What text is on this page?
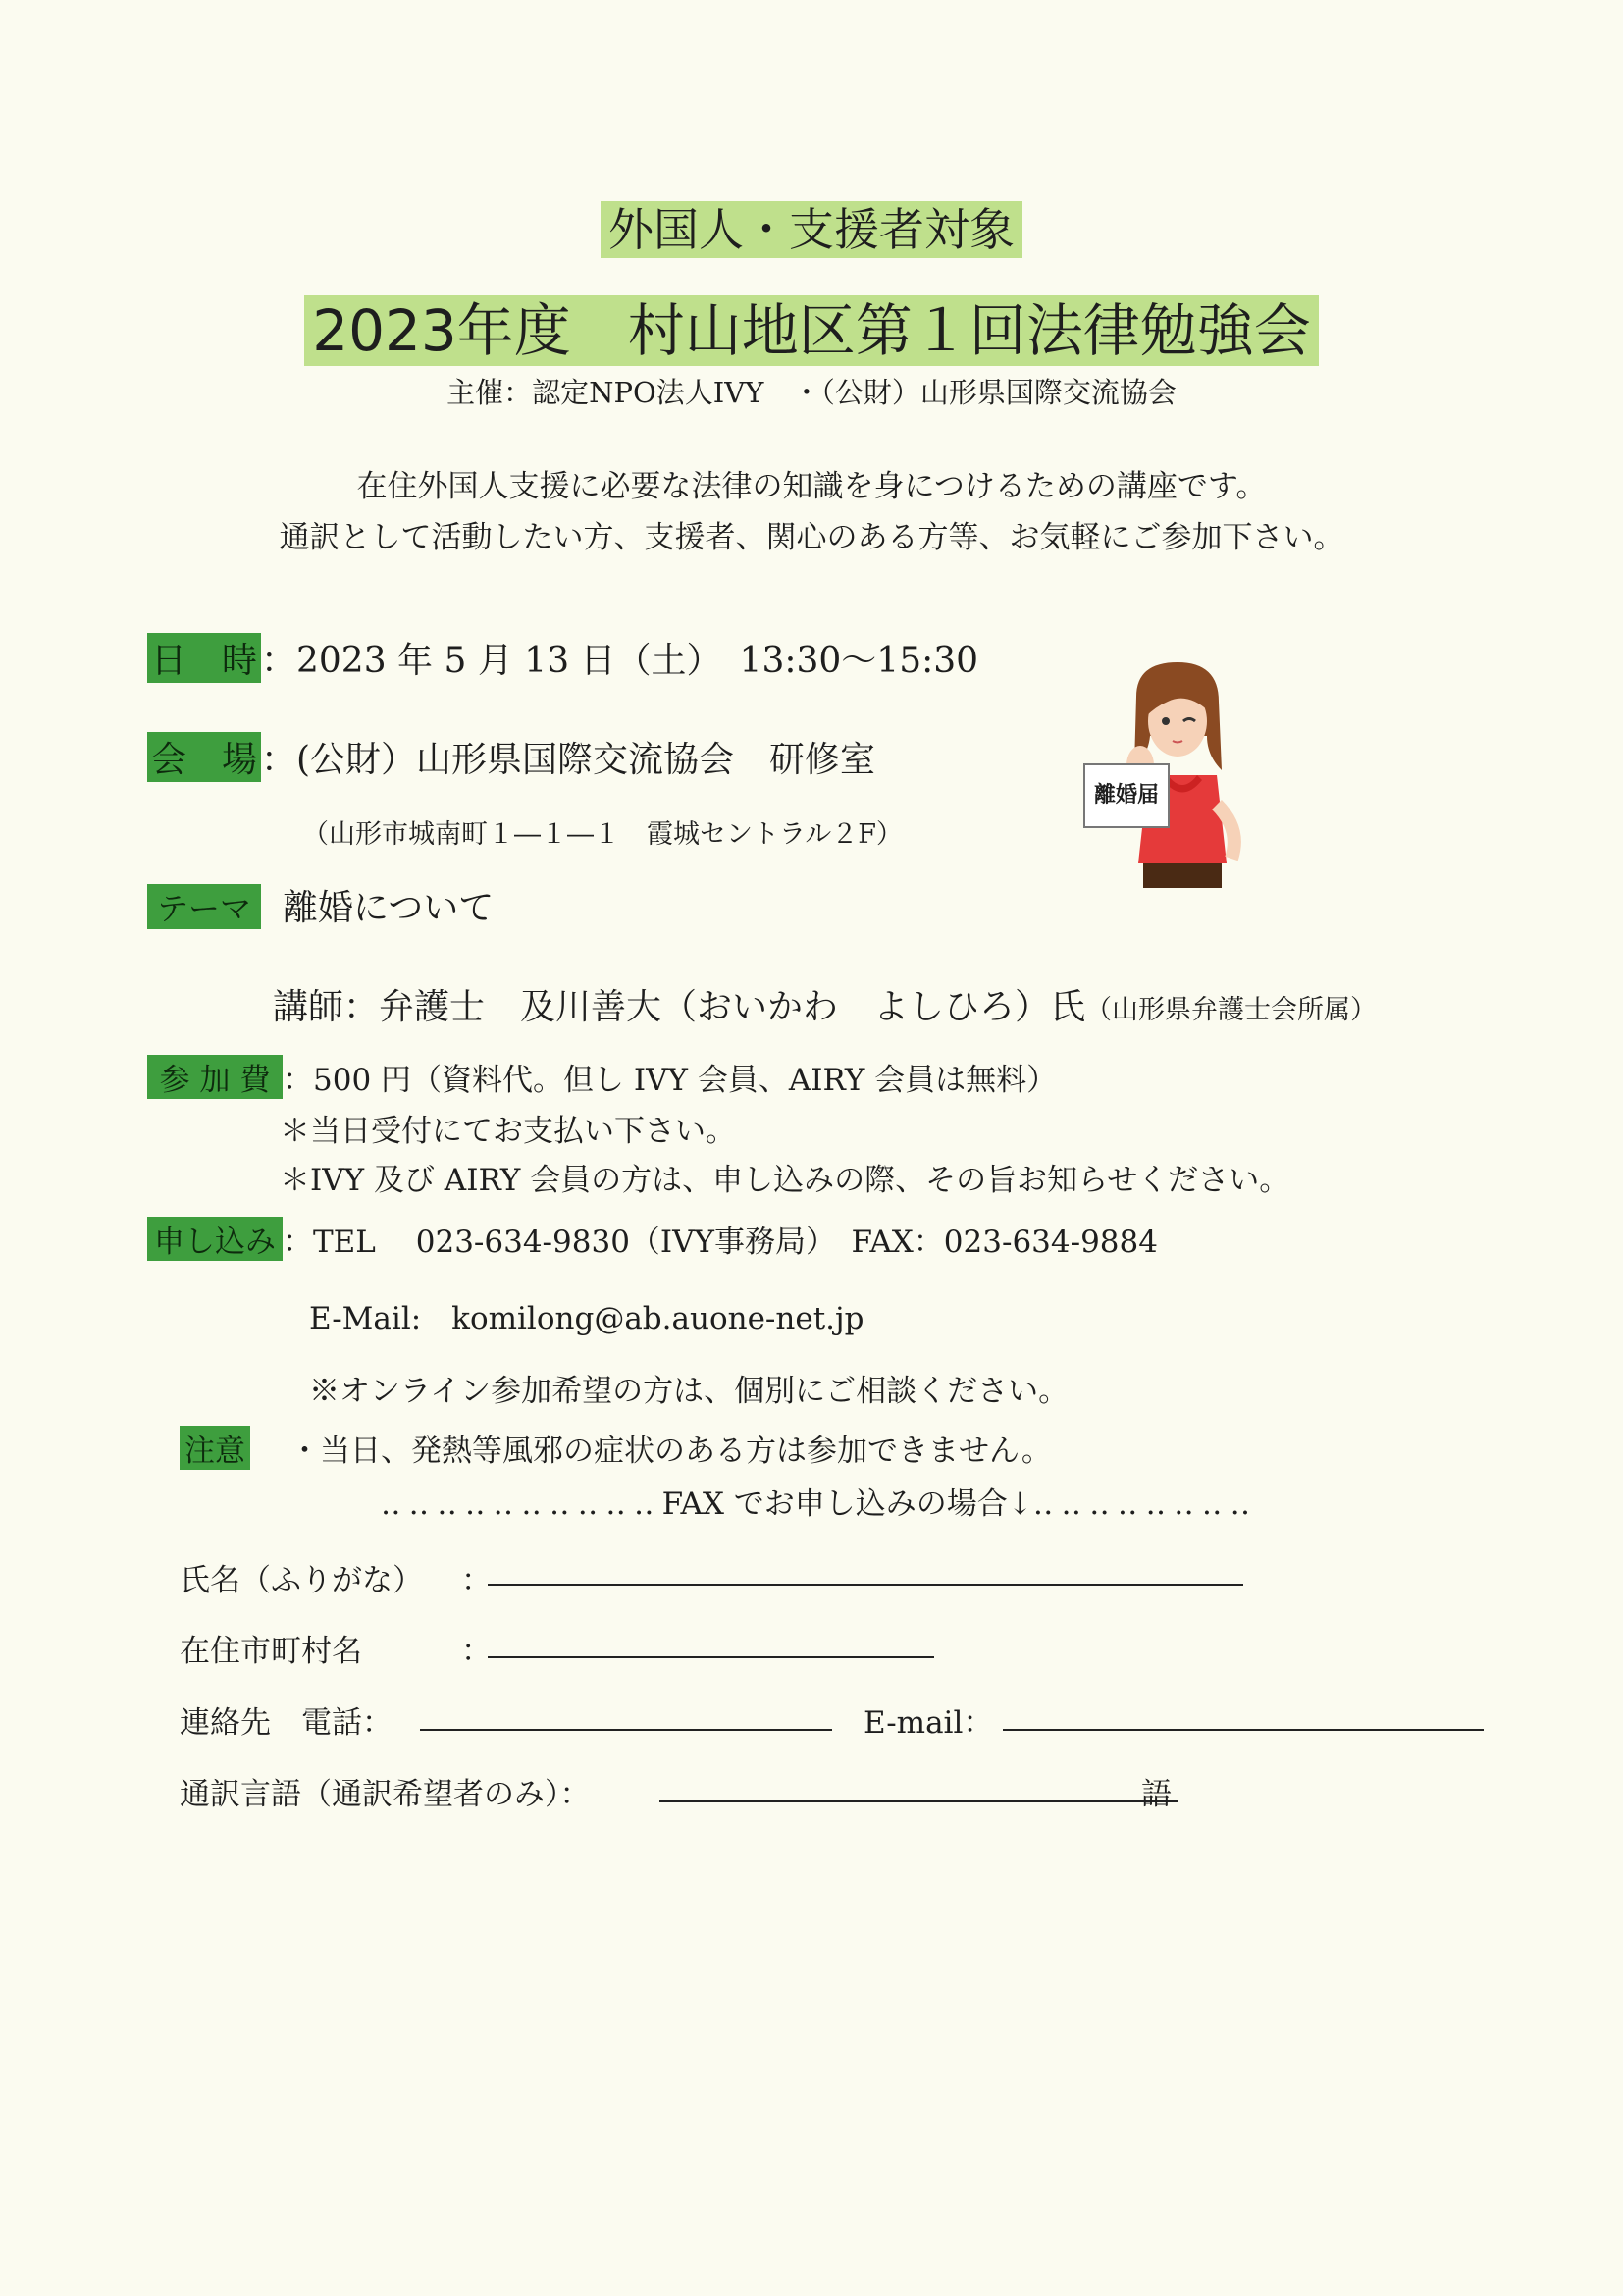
外国人・支援者対象
2023年度　村山地区第１回法律勉強会
主催：認定NPO法人IVY　・（公財）山形県国際交流協会
在住外国人支援に必要な法律の知識を身につけるための講座です。
通訳として活動したい方、支援者、関心のある方等、お気軽にご参加下さい。
日　時 ：2023 年 5 月 13 日（土）　13:30～15:30
会　場 ：(公財）山形県国際交流協会　研修室
（山形市城南町１―１―１　霞城セントラル２F）
離婚届
テーマ 離婚について
講師：弁護士　及川善大（おいかわ　よしひろ）氏（山形県弁護士会所属）
参 加 費 ：500 円（資料代。但し IVY 会員、AIRY 会員は無料）
＊当日受付にてお支払い下さい。
＊IVY 及び AIRY 会員の方は、申し込みの際、その旨お知らせください。
申し込み ：TEL　 023-634-9830（IVY事務局）　FAX：023-634-9884
E-Mail:　komilong@ab.auone-net.jp
※オンライン参加希望の方は、個別にご相談ください。
注意 ・当日、発熱等風邪の症状のある方は参加できません。
‥‥‥‥‥‥‥‥‥‥FAX でお申し込みの場合↓‥‥‥‥‥‥‥‥
氏名（ふりがな） ：
在住市町村名	：
連絡先　電話：	E-mail：
通訳言語（通訳希望者のみ）：	語
